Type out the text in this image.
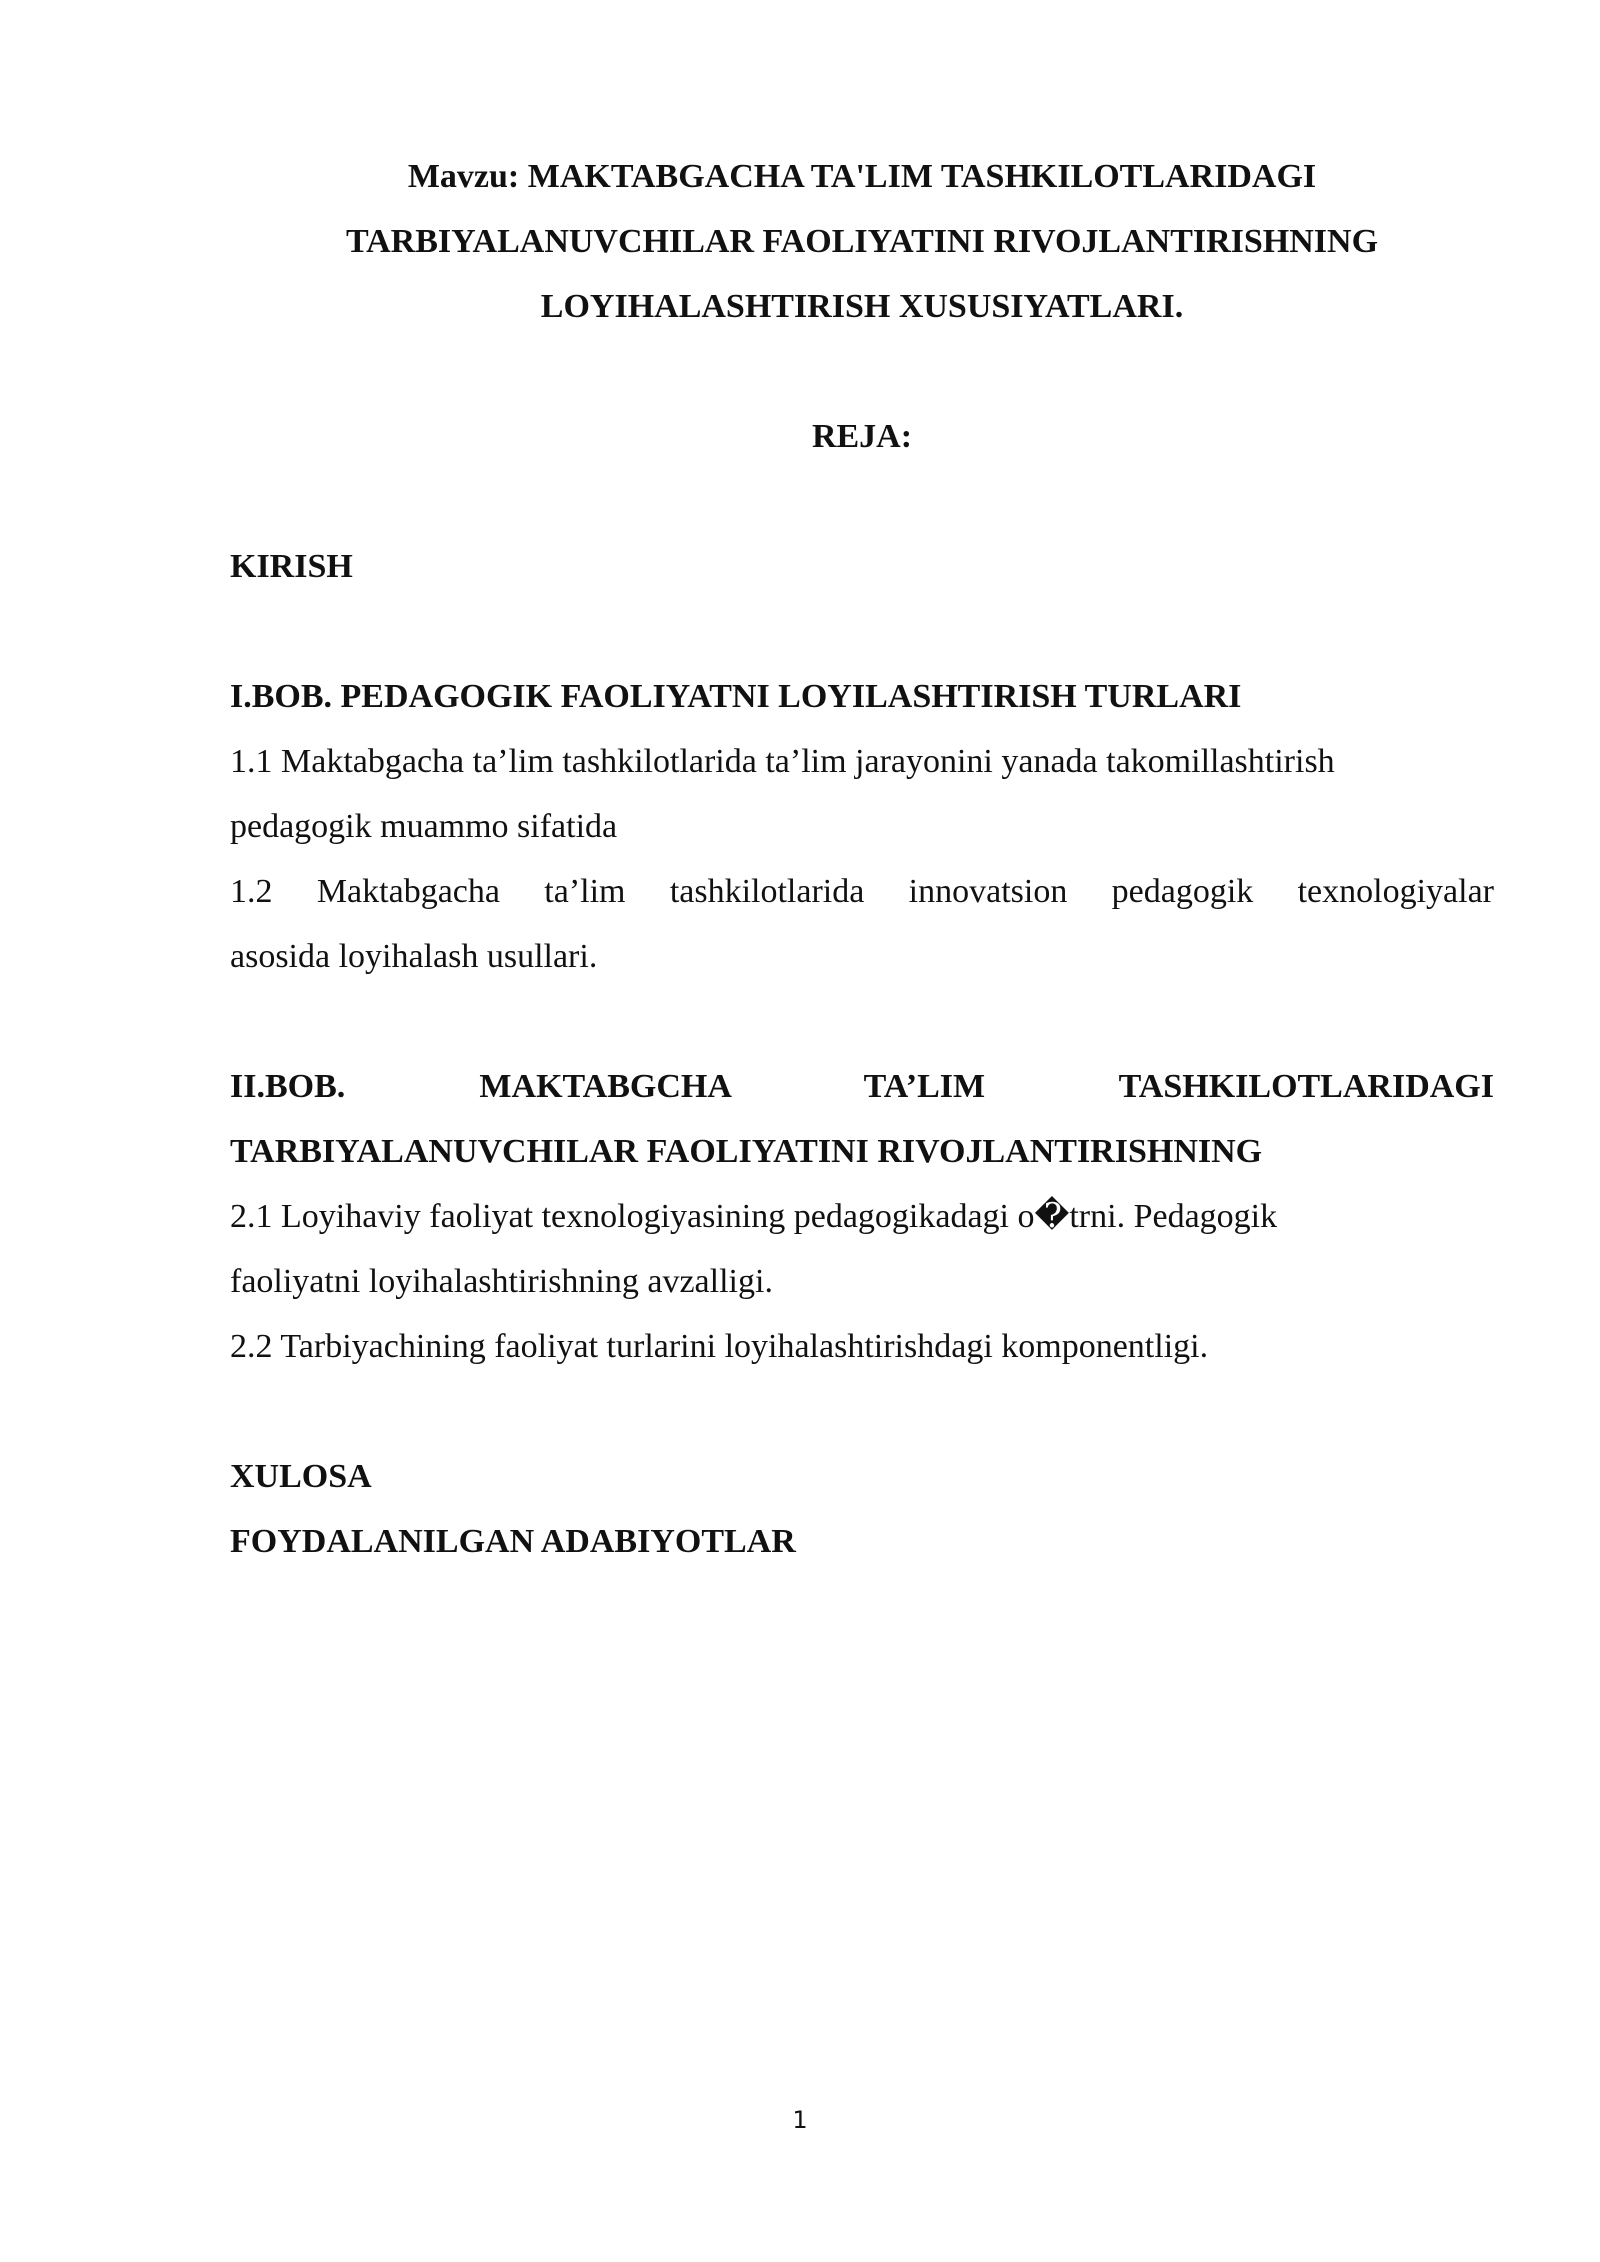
Mavzu: MAKTABGACHA TA'LIM TASHKILOTLARIDAGI

TARBIYALANUVCHILAR FAOLIYATINI RIVOJLANTIRISHNING

LOYIHALASHTIRISH XUSUSIYATLARI.

REJA:

KIRISH

I.BOB. PEDAGOGIK FAOLIYATNI LOYILASHTIRISH TURLARI

1.1 Maktabgacha ta’lim tashkilotlarida ta’lim jarayonini yanada takomillashtirish

pedagogik muammo sifatida

1.2 Maktabgacha ta’lim tashkilotlarida innovatsion pedagogik texnologiyalar

asosida loyihalash usullari.

II.BOB. MAKTABGCHA TA’LIM TASHKILOTLARIDAGI

TARBIYALANUVCHILAR FAOLIYATINI RIVOJLANTIRISHNING

2.1 Loyihaviy faoliyat texnologiyasining pedagogikadagi o�trni. Pedagogik

faoliyatni loyihalashtirishning avzalligi.

2.2 Tarbiyachining faoliyat turlarini loyihalashtirishdagi komponentligi.

XULOSA

FOYDALANILGAN ADABIYOTLAR

1
